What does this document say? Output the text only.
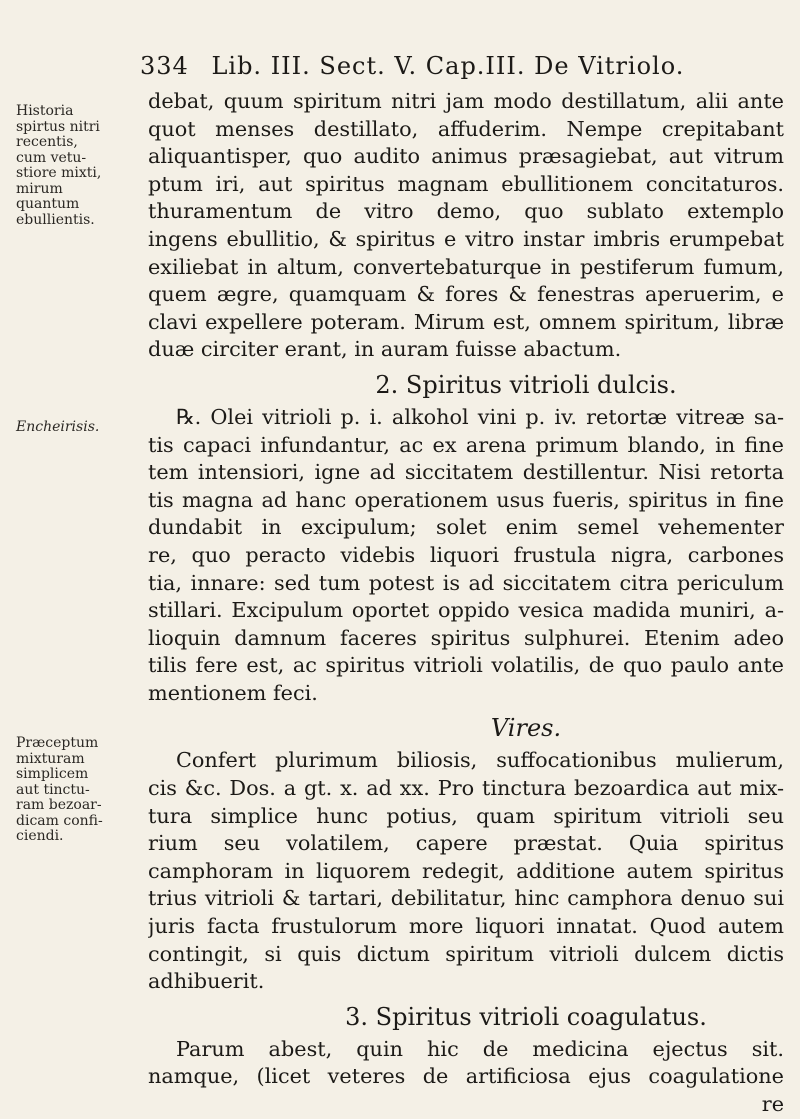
334 Lib. III. Sect. V. Cap.III. De Vitriolo.
Historia
spirtus nitri
recentis,
cum vetu-
stiore mixti,
mirum
quantum
ebullientis.
Encheirisis.
Præceptum
mixturam
simplicem
aut tinctu-
ram bezoar-
dicam confi-
ciendi.
debat, quum spiritum nitri jam modo destillatum, alii ante
quot menses destillato, affuderim. Nempe crepitabant
aliquantisper, quo audito animus præsagiebat, aut vitrum
ptum iri, aut spiritus magnam ebullitionem concitaturos.
thuramentum de vitro demo, quo sublato extemplo
ingens ebullitio, & spiritus e vitro instar imbris erumpebat
exiliebat in altum, convertebaturque in pestiferum fumum,
quem ægre, quamquam & fores & fenestras aperuerim, e
clavi expellere poteram. Mirum est, omnem spiritum, libræ
duæ circiter erant, in auram fuisse abactum.
2. Spiritus vitrioli dulcis.
℞. Olei vitrioli p. i. alkohol vini p. iv. retortæ vitreæ sa-
tis capaci infundantur, ac ex arena primum blando, in fine
tem intensiori, igne ad siccitatem destillentur. Nisi retorta
tis magna ad hanc operationem usus fueris, spiritus in fine
dundabit in excipulum; solet enim semel vehementer
re, quo peracto videbis liquori frustula nigra, carbones
tia, innare: sed tum potest is ad siccitatem citra periculum
stillari. Excipulum oportet oppido vesica madida muniri, a-
lioquin damnum faceres spiritus sulphurei. Etenim adeo
tilis fere est, ac spiritus vitrioli volatilis, de quo paulo ante
mentionem feci.
Vires.
Confert plurimum biliosis, suffocationibus mulierum,
cis &c. Dos. a gt. x. ad xx. Pro tinctura bezoardica aut mix-
tura simplice hunc potius, quam spiritum vitrioli seu
rium seu volatilem, capere præstat. Quia spiritus
camphoram in liquorem redegit, additione autem spiritus
trius vitrioli & tartari, debilitatur, hinc camphora denuo sui
juris facta frustulorum more liquori innatat. Quod autem
contingit, si quis dictum spiritum vitrioli dulcem dictis
adhibuerit.
3. Spiritus vitrioli coagulatus.
Parum abest, quin hic de medicina ejectus sit.
namque, (licet veteres de artificiosa ejus coagulatione
re
